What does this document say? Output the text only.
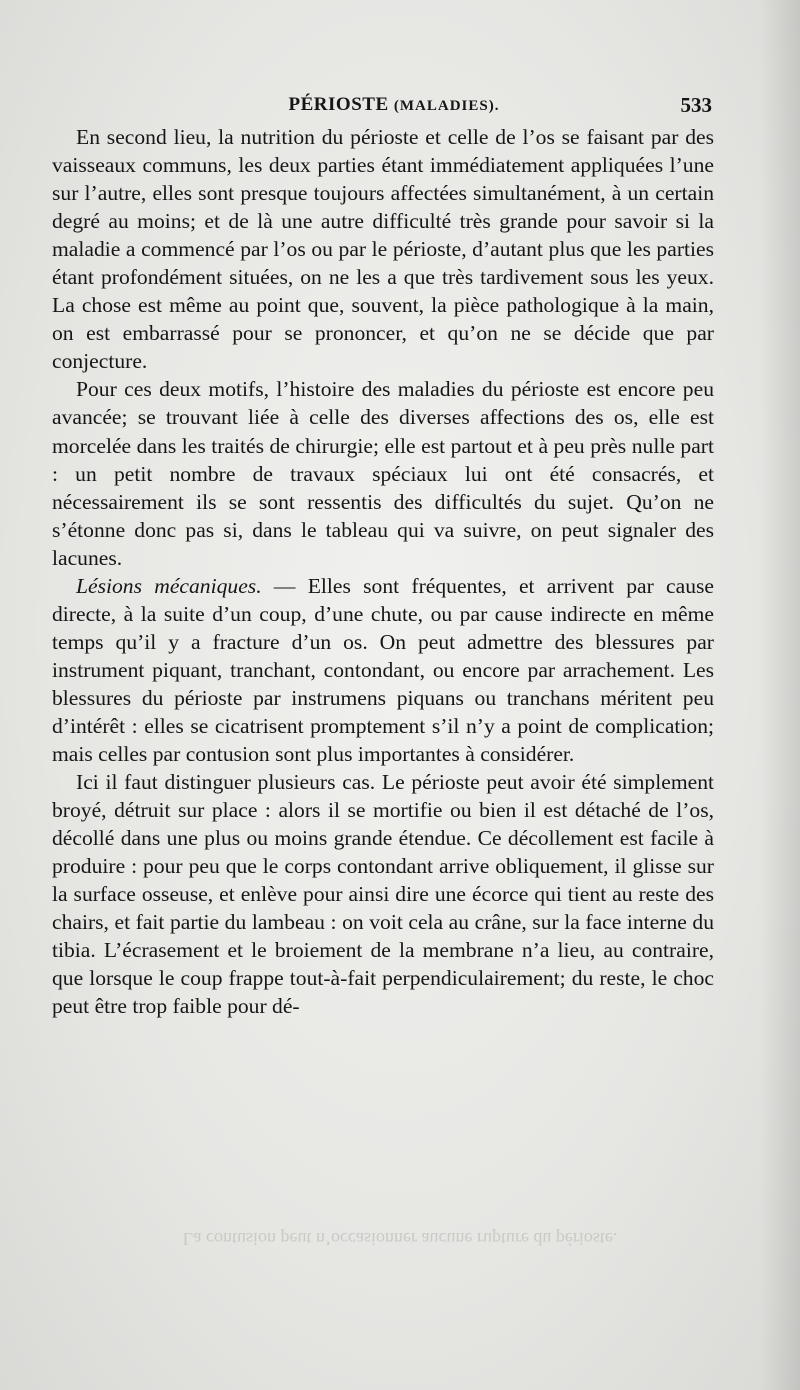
PÉRIOSTE (MALADIES).	533

En second lieu, la nutrition du périoste et celle de l’os se faisant par des vaisseaux communs, les deux parties étant immédiatement appliquées l’une sur l’autre, elles sont presque toujours affectées simultanément, à un certain degré au moins; et de là une autre difficulté très grande pour savoir si la maladie a commencé par l’os ou par le périoste, d’autant plus que les parties étant profondément situées, on ne les a que très tardivement sous les yeux. La chose est même au point que, souvent, la pièce pathologique à la main, on est embarrassé pour se prononcer, et qu’on ne se décide que par conjecture.

Pour ces deux motifs, l’histoire des maladies du périoste est encore peu avancée; se trouvant liée à celle des diverses affections des os, elle est morcelée dans les traités de chirurgie; elle est partout et à peu près nulle part : un petit nombre de travaux spéciaux lui ont été consacrés, et nécessairement ils se sont ressentis des difficultés du sujet. Qu’on ne s’étonne donc pas si, dans le tableau qui va suivre, on peut signaler des lacunes.

Lésions mécaniques. — Elles sont fréquentes, et arrivent par cause directe, à la suite d’un coup, d’une chute, ou par cause indirecte en même temps qu’il y a fracture d’un os. On peut admettre des blessures par instrument piquant, tranchant, contondant, ou encore par arrachement. Les blessures du périoste par instrumens piquans ou tranchans méritent peu d’intérêt : elles se cicatrisent promptement s’il n’y a point de complication; mais celles par contusion sont plus importantes à considérer.

Ici il faut distinguer plusieurs cas. Le périoste peut avoir été simplement broyé, détruit sur place : alors il se mortifie ou bien il est détaché de l’os, décollé dans une plus ou moins grande étendue. Ce décollement est facile à produire : pour peu que le corps contondant arrive obliquement, il glisse sur la surface osseuse, et enlève pour ainsi dire une écorce qui tient au reste des chairs, et fait partie du lambeau : on voit cela au crâne, sur la face interne du tibia. L’écrasement et le broiement de la membrane n’a lieu, au contraire, que lorsque le coup frappe tout-à-fait perpendiculairement; du reste, le choc peut être trop faible pour dé-

La contusion peut n’occasionner aucune rupture du périoste.
